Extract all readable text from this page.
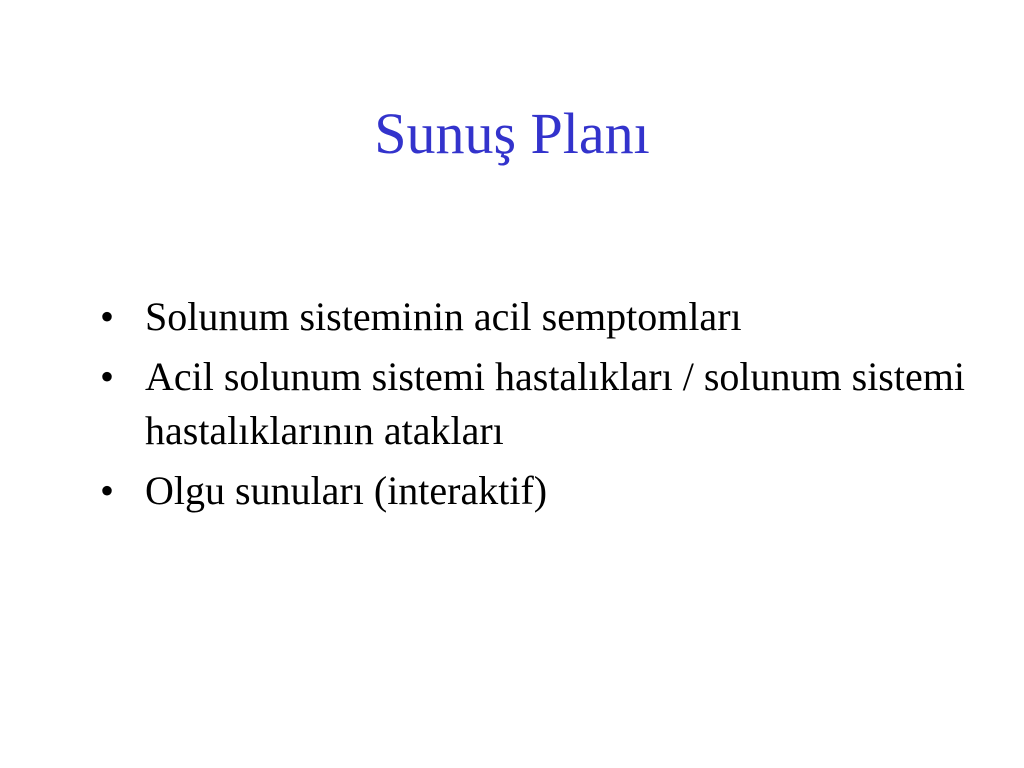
Sunuş Planı
• Solunum sisteminin acil semptomları
• Acil solunum sistemi hastalıkları / solunum sistemi hastalıklarının atakları
• Olgu sunuları (interaktif)
